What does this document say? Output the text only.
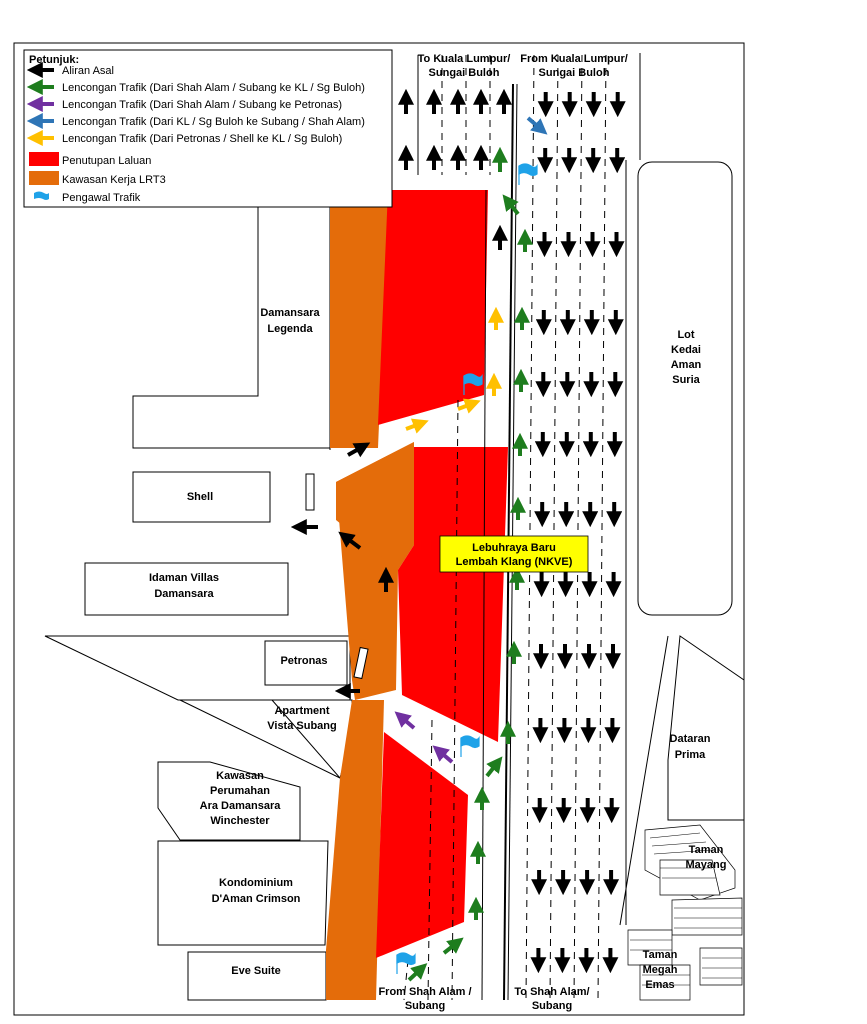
Lebuhraya Baru
Lembah Klang (NKVE)
To Kuala Lumpur/
Sungai Buloh
From Kuala Lumpur/
Sungai Buloh
From Shah Alam /
Subang
To Shah Alam/
Subang
Damansara
Legenda
Shell
Idaman Villas
Damansara
Petronas
Apartment
Vista Subang
Kawasan
Perumahan
Ara Damansara
Winchester
Kondominium
D'Aman Crimson
Eve Suite
Lot
Kedai
Aman
Suria
Dataran
Prima
Taman
Mayang
Taman
Megah
Emas
Petunjuk:
Aliran Asal
Lencongan Trafik (Dari Shah Alam / Subang ke KL / Sg Buloh)
Lencongan Trafik (Dari Shah Alam / Subang ke Petronas)
Lencongan Trafik (Dari KL / Sg Buloh ke Subang / Shah Alam)
Lencongan Trafik (Dari Petronas / Shell ke KL / Sg Buloh)
Penutupan Laluan
Kawasan Kerja LRT3
Pengawal Trafik
